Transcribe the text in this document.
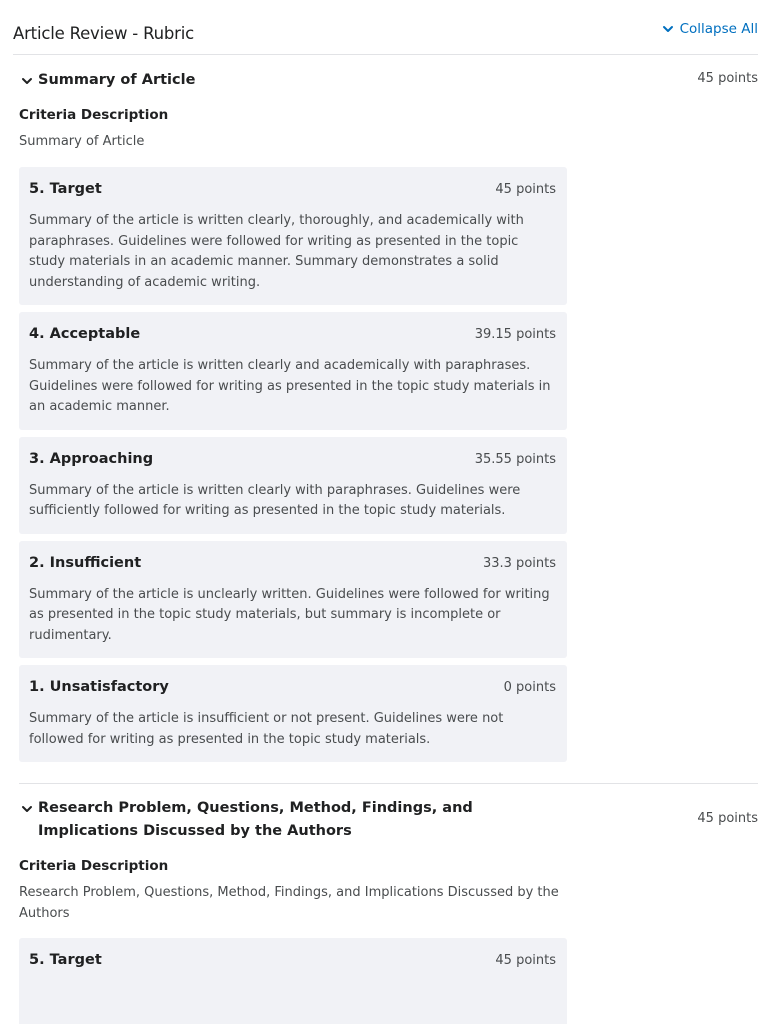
Article Review - Rubric	Collapse All
Summary of Article	45 points
Criteria Description
Summary of Article
5. Target	45 points
Summary of the article is written clearly, thoroughly, and academically with paraphrases. Guidelines were followed for writing as presented in the topic study materials in an academic manner. Summary demonstrates a solid understanding of academic writing.
4. Acceptable	39.15 points
Summary of the article is written clearly and academically with paraphrases. Guidelines were followed for writing as presented in the topic study materials in an academic manner.
3. Approaching	35.55 points
Summary of the article is written clearly with paraphrases. Guidelines were sufficiently followed for writing as presented in the topic study materials.
2. Insufficient	33.3 points
Summary of the article is unclearly written. Guidelines were followed for writing as presented in the topic study materials, but summary is incomplete or rudimentary.
1. Unsatisfactory	0 points
Summary of the article is insufficient or not present. Guidelines were not followed for writing as presented in the topic study materials.
Research Problem, Questions, Method, Findings, and Implications Discussed by the Authors
45 points
Criteria Description
Research Problem, Questions, Method, Findings, and Implications Discussed by the Authors
5. Target	45 points
